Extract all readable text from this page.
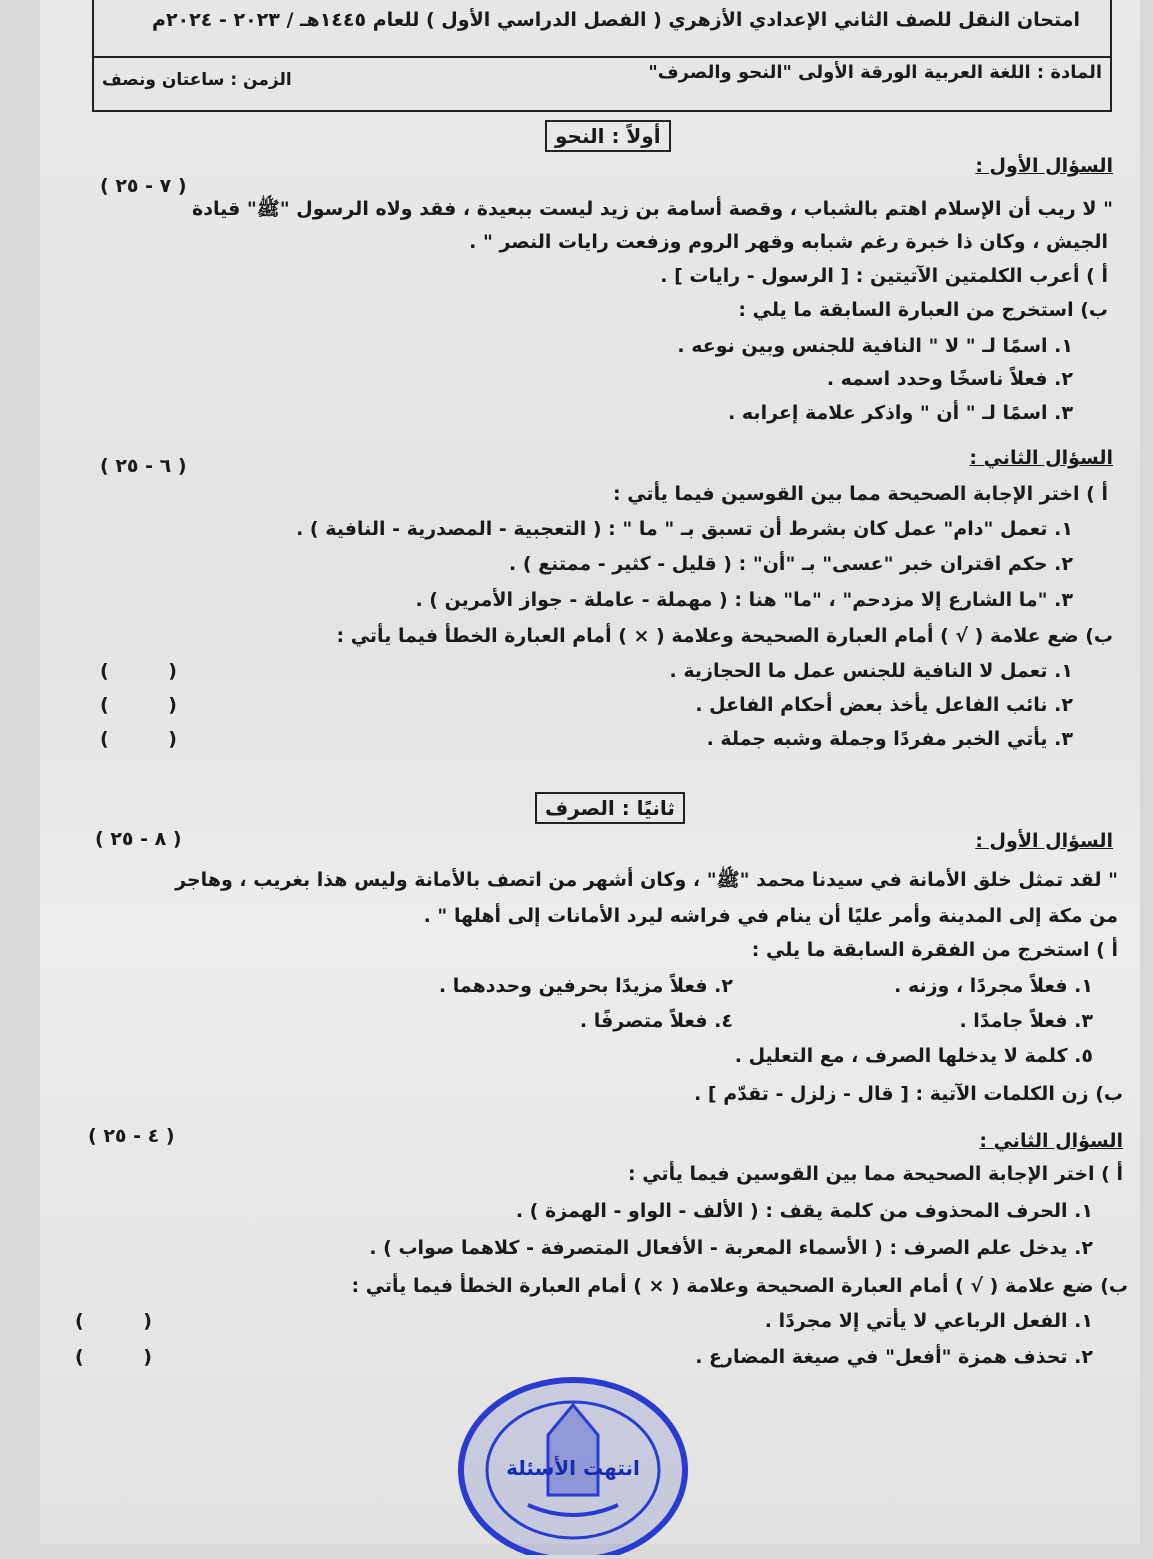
امتحان النقل للصف الثاني الإعدادي الأزهري ( الفصل الدراسي الأول ) للعام ١٤٤٥هـ / ٢٠٢٣ - ٢٠٢٤م
المادة : اللغة العربية الورقة الأولى "النحو والصرف"
الزمن : ساعتان ونصف
أولاً : النحو
السؤال الأول :
( ٧ - ٢٥ )
" لا ريب أن الإسلام اهتم بالشباب ، وقصة أسامة بن زيد ليست ببعيدة ، فقد ولاه الرسول "ﷺ" قيادة
الجيش ، وكان ذا خبرة رغم شبابه وقهر الروم وزفعت رايات النصر " .
أ ) أعرب الكلمتين الآتيتين : [ الرسول - رايات ] .
ب) استخرج من العبارة السابقة ما يلي :
١. اسمًا لـ " لا " النافية للجنس وبين نوعه .
٢. فعلاً ناسخًا وحدد اسمه .
٣. اسمًا لـ " أن " واذكر علامة إعرابه .
السؤال الثاني :
( ٦ - ٢٥ )
أ ) اختر الإجابة الصحيحة مما بين القوسين فيما يأتي :
١. تعمل "دام" عمل كان بشرط أن تسبق بـ " ما " : ( التعجبية - المصدرية - النافية ) .
٢. حكم اقتران خبر "عسى" بـ "أن" : ( قليل - كثير - ممتنع ) .
٣. "ما الشارع إلا مزدحم" ، "ما" هنا : ( مهملة - عاملة - جواز الأمرين ) .
ب) ضع علامة ( √ ) أمام العبارة الصحيحة وعلامة ( × ) أمام العبارة الخطأ فيما يأتي :
١. تعمل لا النافية للجنس عمل ما الحجازية .
٢. نائب الفاعل يأخذ بعض أحكام الفاعل .
٣. يأتي الخبر مفردًا وجملة وشبه جملة .
(         )
(         )
(         )
ثانيًا : الصرف
السؤال الأول :
( ٨ - ٢٥ )
" لقد تمثل خلق الأمانة في سيدنا محمد "ﷺ" ، وكان أشهر من اتصف بالأمانة وليس هذا بغريب ، وهاجر
من مكة إلى المدينة وأمر عليًا أن ينام في فراشه ليرد الأمانات إلى أهلها " .
أ ) استخرج من الفقرة السابقة ما يلي :
١. فعلاً مجردًا ، وزنه .
٢. فعلاً مزيدًا بحرفين وحددهما .
٣. فعلاً جامدًا .
٤. فعلاً متصرفًا .
٥. كلمة لا يدخلها الصرف ، مع التعليل .
ب) زن الكلمات الآتية : [ قال - زلزل - تقدّم ] .
السؤال الثاني :
( ٤ - ٢٥ )
أ ) اختر الإجابة الصحيحة مما بين القوسين فيما يأتي :
١. الحرف المحذوف من كلمة يقف : ( الألف - الواو - الهمزة ) .
٢. يدخل علم الصرف : ( الأسماء المعربة - الأفعال المتصرفة - كلاهما صواب ) .
ب) ضع علامة ( √ ) أمام العبارة الصحيحة وعلامة ( × ) أمام العبارة الخطأ فيما يأتي :
١. الفعل الرباعي لا يأتي إلا مجردًا .
٢. تحذف همزة "أفعل" في صيغة المضارع .
(         )
(         )
انتهت الأسئلة
